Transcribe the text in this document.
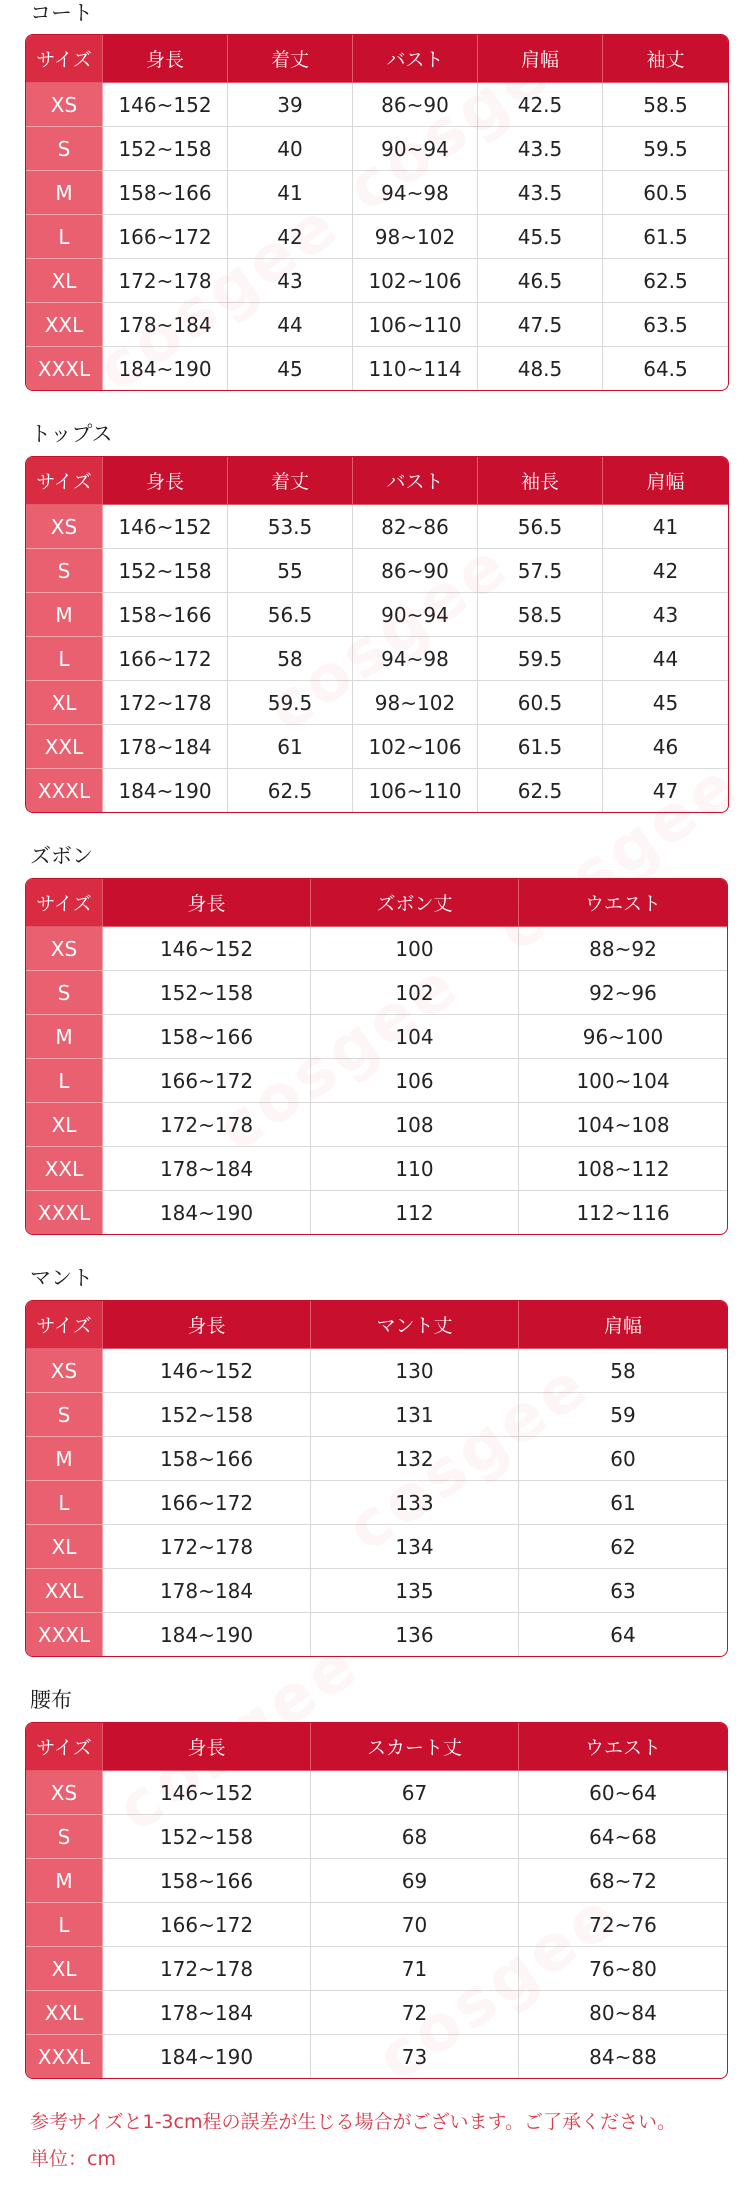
コート
サイズ	身長	着丈	バスト	肩幅	袖丈
XS	146~152	39	86~90	42.5	58.5
S	152~158	40	90~94	43.5	59.5
M	158~166	41	94~98	43.5	60.5
L	166~172	42	98~102	45.5	61.5
XL	172~178	43	102~106	46.5	62.5
XXL	178~184	44	106~110	47.5	63.5
XXXL	184~190	45	110~114	48.5	64.5
トップス
サイズ	身長	着丈	バスト	袖長	肩幅
XS	146~152	53.5	82~86	56.5	41
S	152~158	55	86~90	57.5	42
M	158~166	56.5	90~94	58.5	43
L	166~172	58	94~98	59.5	44
XL	172~178	59.5	98~102	60.5	45
XXL	178~184	61	102~106	61.5	46
XXXL	184~190	62.5	106~110	62.5	47
ズボン
サイズ	身長	ズボン丈	ウエスト
XS	146~152	100	88~92
S	152~158	102	92~96
M	158~166	104	96~100
L	166~172	106	100~104
XL	172~178	108	104~108
XXL	178~184	110	108~112
XXXL	184~190	112	112~116
マント
サイズ	身長	マント丈	肩幅
XS	146~152	130	58
S	152~158	131	59
M	158~166	132	60
L	166~172	133	61
XL	172~178	134	62
XXL	178~184	135	63
XXXL	184~190	136	64
腰布
サイズ	身長	スカート丈	ウエスト
XS	146~152	67	60~64
S	152~158	68	64~68
M	158~166	69	68~72
L	166~172	70	72~76
XL	172~178	71	76~80
XXL	178~184	72	80~84
XXXL	184~190	73	84~88
参考サイズと1-3cm程の誤差が生じる場合がございます。ご了承ください。
単位：cm
